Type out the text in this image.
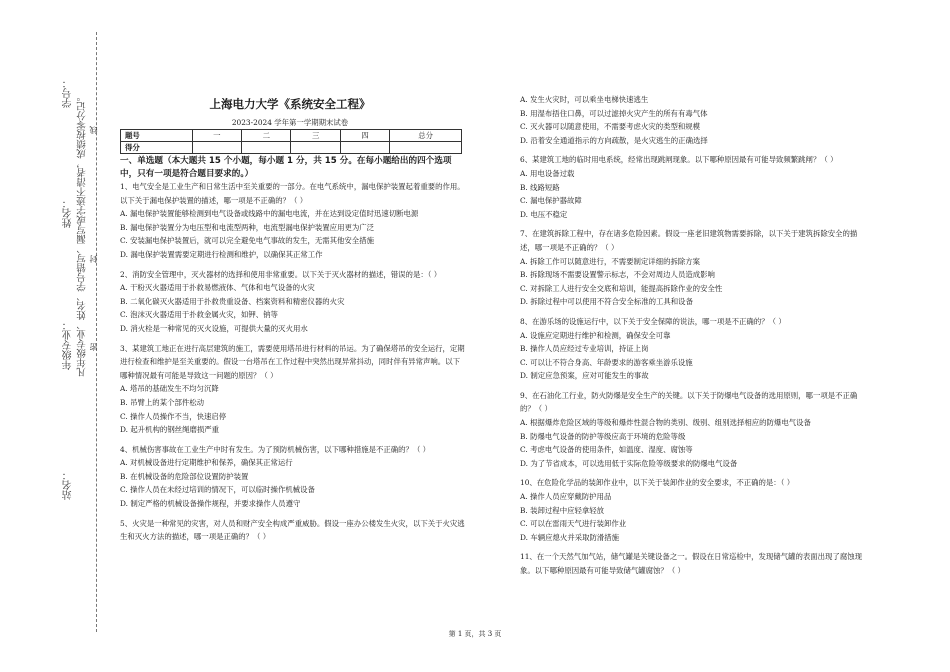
学号： 凡年级专业、姓名、学号错写、漏写或字迹不清者，成绩按零分记。
姓名：
年级专业：
站名：
线
封
密
上海电力大学《系统安全工程》
2023-2024 学年第一学期期末试卷
题号	一	二	三	四	总分
得分					

一、单选题（本大题共 15 个小题，每小题 1 分，共 15 分。在每小题给出的四个选项中，只有一项是符合题目要求的。）

1、电气安全是工业生产和日常生活中至关重要的一部分。在电气系统中，漏电保护装置起着重要的作用。以下关于漏电保护装置的描述，哪一项是不正确的？（ ）

A. 漏电保护装置能够检测到电气设备或线路中的漏电电流，并在达到设定值时迅速切断电源

B. 漏电保护装置分为电压型和电流型两种，电流型漏电保护装置应用更为广泛

C. 安装漏电保护装置后，就可以完全避免电气事故的发生，无需其他安全措施

D. 漏电保护装置需要定期进行检测和维护，以确保其正常工作

2、消防安全管理中，灭火器材的选择和使用非常重要。以下关于灭火器材的描述，错误的是：（ ）

A. 干粉灭火器适用于扑救易燃液体、气体和电气设备的火灾

B. 二氧化碳灭火器适用于扑救贵重设备、档案资料和精密仪器的火灾

C. 泡沫灭火器适用于扑救金属火灾，如钾、钠等

D. 消火栓是一种常见的灭火设施，可提供大量的灭火用水

3、某建筑工地正在进行高层建筑的施工，需要使用塔吊进行材料的吊运。为了确保塔吊的安全运行，定期进行检查和维护是至关重要的。假设一台塔吊在工作过程中突然出现异常抖动，同时伴有异常声响。以下哪种情况最有可能是导致这一问题的原因？（ ）

A. 塔吊的基础发生不均匀沉降

B. 吊臂上的某个部件松动

C. 操作人员操作不当，快速启停

D. 起升机构的钢丝绳磨损严重

4、机械伤害事故在工业生产中时有发生。为了预防机械伤害，以下哪种措施是不正确的？（ ）

A. 对机械设备进行定期维护和保养，确保其正常运行

B. 在机械设备的危险部位设置防护装置

C. 操作人员在未经过培训的情况下，可以临时操作机械设备

D. 制定严格的机械设备操作规程，并要求操作人员遵守

5、火灾是一种常见的灾害，对人员和财产安全构成严重威胁。假设一座办公楼发生火灾，以下关于火灾逃生和灭火方法的描述，哪一项是正确的？（ ）

A. 发生火灾时，可以乘坐电梯快速逃生

B. 用湿布捂住口鼻，可以过滤掉火灾产生的所有有毒气体

C. 灭火器可以随意使用，不需要考虑火灾的类型和规模

D. 沿着安全通道指示的方向疏散，是火灾逃生的正确选择

6、某建筑工地的临时用电系统，经常出现跳闸现象。以下哪种原因最有可能导致频繁跳闸？（ ）

A. 用电设备过载

B. 线路短路

C. 漏电保护器故障

D. 电压不稳定

7、在建筑拆除工程中，存在诸多危险因素。假设一座老旧建筑物需要拆除，以下关于建筑拆除安全的描述，哪一项是不正确的？（ ）

A. 拆除工作可以随意进行，不需要制定详细的拆除方案

B. 拆除现场不需要设置警示标志，不会对周边人员造成影响

C. 对拆除工人进行安全交底和培训，能提高拆除作业的安全性

D. 拆除过程中可以使用不符合安全标准的工具和设备

8、在游乐场的设施运行中，以下关于安全保障的说法，哪一项是不正确的？（ ）

A. 设施应定期进行维护和检测，确保安全可靠

B. 操作人员应经过专业培训，持证上岗

C. 可以让不符合身高、年龄要求的游客乘坐游乐设施

D. 制定应急预案，应对可能发生的事故

9、在石油化工行业，防火防爆是安全生产的关键。以下关于防爆电气设备的选用原则，哪一项是不正确的？（ ）

A. 根据爆炸危险区域的等级和爆炸性混合物的类别、级别、组别选择相应的防爆电气设备

B. 防爆电气设备的防护等级应高于环境的危险等级

C. 考虑电气设备的使用条件，如温度、湿度、腐蚀等

D. 为了节省成本，可以选用低于实际危险等级要求的防爆电气设备

10、在危险化学品的装卸作业中，以下关于装卸作业的安全要求，不正确的是：（ ）

A. 操作人员应穿戴防护用品

B. 装卸过程中应轻拿轻放

C. 可以在雷雨天气进行装卸作业

D. 车辆应熄火并采取防滑措施

11、在一个天然气加气站，储气罐是关键设备之一。假设在日常巡检中，发现储气罐的表面出现了腐蚀现象。以下哪种原因最有可能导致储气罐腐蚀？（ ）

第 1 页，共 3 页
